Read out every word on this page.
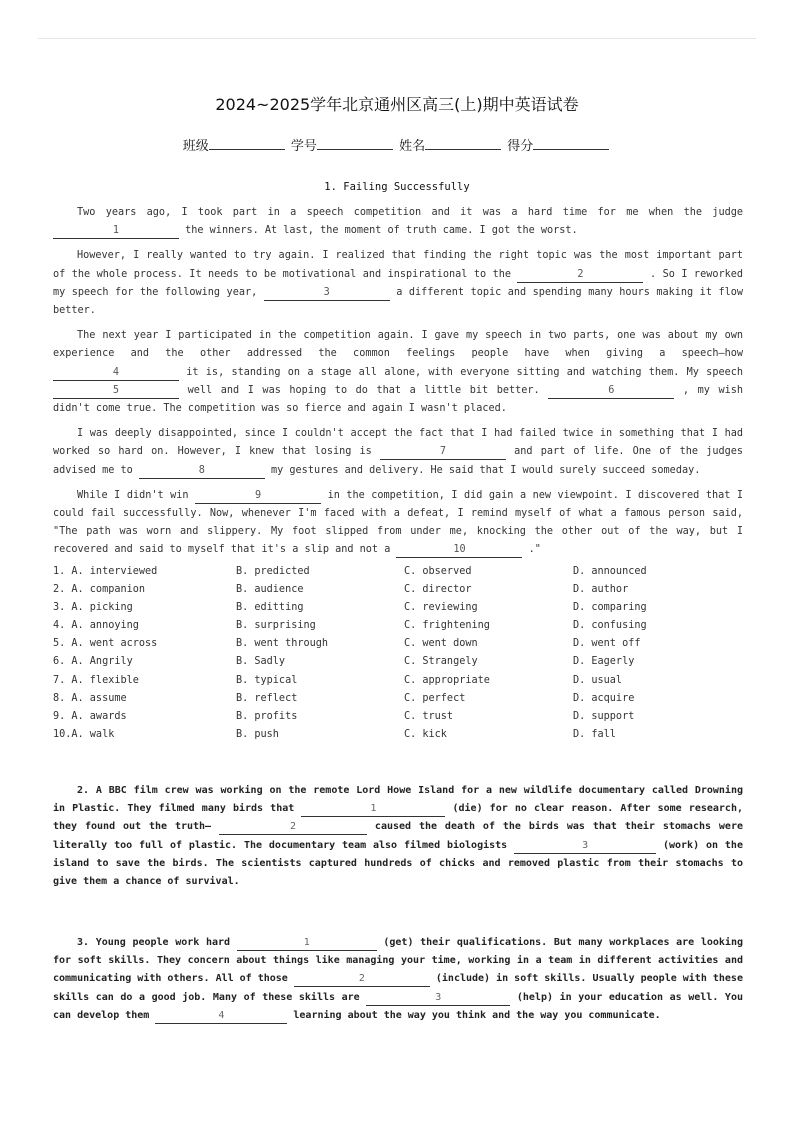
2024~2025学年北京通州区高三(上)期中英语试卷
班级	学号	姓名	得分
1. Failing Successfully

Two years ago, I took part in a speech competition and it was a hard time for me when the judge 1	the winners. At last, the moment of truth came. I got the worst.

However, I really wanted to try again. I realized that finding the right topic was the most important part of the whole process. It needs to be motivational and inspirational to the	2	. So I reworked my speech for the following year,	3	a different topic and spending many hours making it flow better.

The next year I participated in the competition again. I gave my speech in two parts, one was about my own experience and the other addressed the common feelings people have when giving a speech—how 4	it is, standing on a stage all alone, with everyone sitting and watching them. My speech 5	well and I was hoping to do that a little bit better.	6	, my wish didn't come true. The competition was so fierce and again I wasn't placed.

I was deeply disappointed, since I couldn't accept the fact that I had failed twice in something that I had worked so hard on. However, I knew that losing is	7	and part of life. One of the judges advised me to	8	my gestures and delivery. He said that I would surely succeed someday.

While I didn't win	9	in the competition, I did gain a new viewpoint. I discovered that I could fail successfully. Now, whenever I'm faced with a defeat, I remind myself of what a famous person said, "The path was worn and slippery. My foot slipped from under me, knocking the other out of the way, but I recovered and said to myself that it's a slip and not a	10	."

1. A. interviewed	B. predicted	C. observed	D. announced
2. A. companion	B. audience	C. director	D. author
3. A. picking	B. editting	C. reviewing	D. comparing
4. A. annoying	B. surprising	C. frightening	D. confusing
5. A. went across	B. went through	C. went down	D. went off
6. A. Angrily	B. Sadly	C. Strangely	D. Eagerly
7. A. flexible	B. typical	C. appropriate	D. usual
8. A. assume	B. reflect	C. perfect	D. acquire
9. A. awards	B. profits	C. trust	D. support
10.A. walk	B. push	C. kick	D. fall

2. A BBC film crew was working on the remote Lord Howe Island for a new wildlife documentary called Drowning in Plastic. They filmed many birds that	1	(die) for no clear reason. After some research, they found out the truth—	2	caused the death of the birds was that their stomachs were literally too full of plastic. The documentary team also filmed biologists	3	(work) on the island to save the birds. The scientists captured hundreds of chicks and removed plastic from their stomachs to give them a chance of survival.

3. Young people work hard	1	(get) their qualifications. But many workplaces are looking for soft skills. They concern about things like managing your time, working in a team in different activities and communicating with others. All of those	2	(include) in soft skills. Usually people with these skills can do a good job. Many of these skills are	3	(help) in your education as well. You can develop them	4	learning about the way you think and the way you communicate.
